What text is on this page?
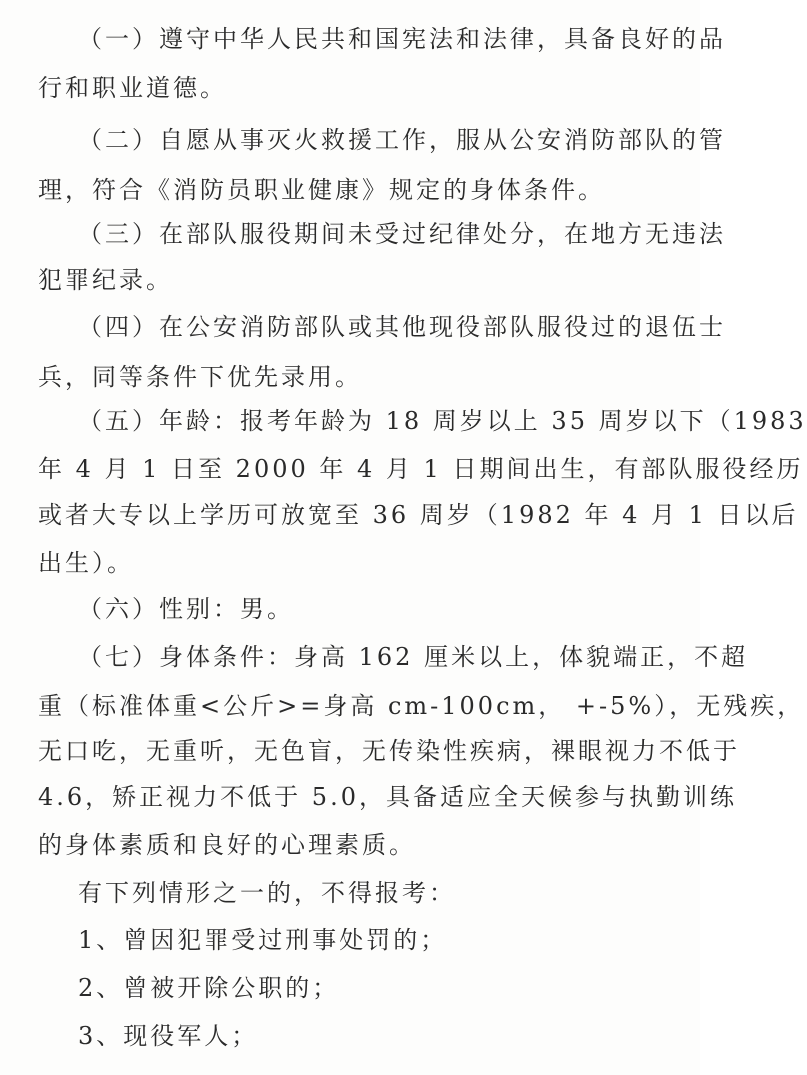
（一）遵守中华人民共和国宪法和法律，具备良好的品
行和职业道德。
（二）自愿从事灭火救援工作，服从公安消防部队的管
理，符合《消防员职业健康》规定的身体条件。
（三）在部队服役期间未受过纪律处分，在地方无违法
犯罪纪录。
（四）在公安消防部队或其他现役部队服役过的退伍士
兵，同等条件下优先录用。
（五）年龄：报考年龄为 18 周岁以上 35 周岁以下（1983
年 4 月 1 日至 2000 年 4 月 1 日期间出生，有部队服役经历
或者大专以上学历可放宽至 36 周岁（1982 年 4 月 1 日以后
出生）。
（六）性别：男。
（七）身体条件：身高 162 厘米以上，体貌端正，不超
重（标准体重<公斤>=身高 cm-100cm， +-5%），无残疾，
无口吃，无重听，无色盲，无传染性疾病，裸眼视力不低于
4.6，矫正视力不低于 5.0，具备适应全天候参与执勤训练
的身体素质和良好的心理素质。
有下列情形之一的，不得报考：
1、曾因犯罪受过刑事处罚的；
2、曾被开除公职的；
3、现役军人；
